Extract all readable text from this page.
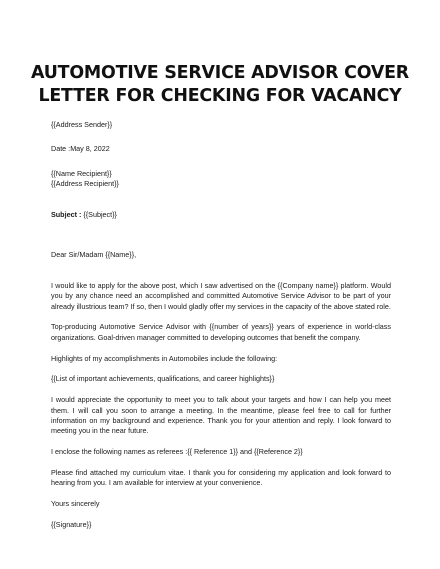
AUTOMOTIVE SERVICE ADVISOR COVER
LETTER FOR CHECKING FOR VACANCY
{{Address Sender}}
Date :May 8, 2022
{{Name Recipient}}
{{Address Recipient}}
Subject : {{Subject}}
Dear Sir/Madam {{Name}},
I would like to apply for the above post, which I saw advertised on the {{Company name}} platform. Would you by any chance need an accomplished and committed Automotive Service Advisor to be part of your already illustrious team? If so, then I would gladly offer my services in the capacity of the above stated role.
Top-producing Automotive Service Advisor with {{number of years}} years of experience in world-class organizations. Goal-driven manager committed to developing outcomes that benefit the company.
Highlights of my accomplishments in Automobiles include the following:
{{List of important achievements, qualifications, and career highlights}}
I would appreciate the opportunity to meet you to talk about your targets and how I can help you meet them. I will call you soon to arrange a meeting. In the meantime, please feel free to call for further information on my background and experience. Thank you for your attention and reply. I look forward to meeting you in the near future.
I enclose the following names as referees :{{ Reference 1}} and {{Reference 2}}
Please find attached my curriculum vitae. I thank you for considering my application and look forward to hearing from you. I am available for interview at your convenience.
Yours sincerely
{{Signature}}
